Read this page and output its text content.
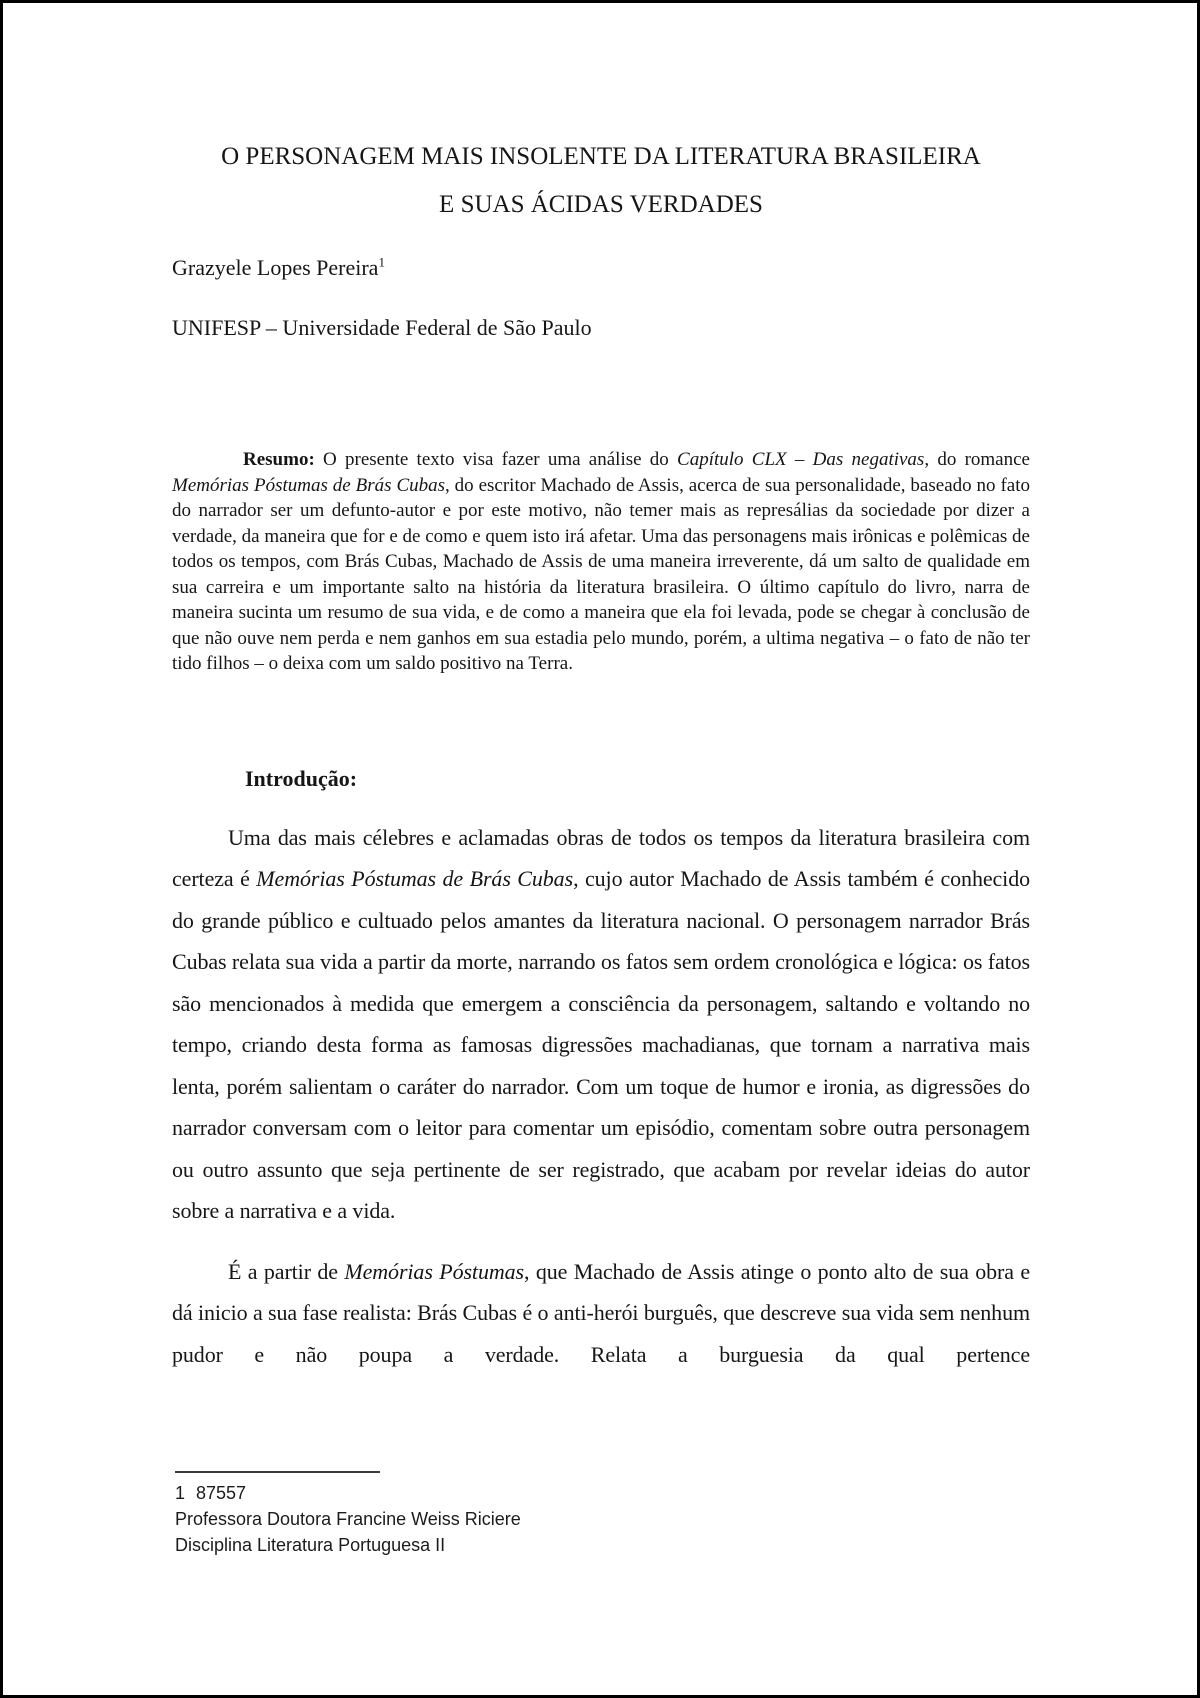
O PERSONAGEM MAIS INSOLENTE DA LITERATURA BRASILEIRA
E SUAS ÁCIDAS VERDADES
Grazyele Lopes Pereira$^1$
UNIFESP – Universidade Federal de São Paulo

Resumo: O presente texto visa fazer uma análise do Capítulo CLX – Das negativas, do romance Memórias Póstumas de Brás Cubas, do escritor Machado de Assis, acerca de sua personalidade, baseado no fato do narrador ser um defunto-autor e por este motivo, não temer mais as represálias da sociedade por dizer a verdade, da maneira que for e de como e quem isto irá afetar. Uma das personagens mais irônicas e polêmicas de todos os tempos, com Brás Cubas, Machado de Assis de uma maneira irreverente, dá um salto de qualidade em sua carreira e um importante salto na história da literatura brasileira. O último capítulo do livro, narra de maneira sucinta um resumo de sua vida, e de como a maneira que ela foi levada, pode se chegar à conclusão de que não ouve nem perda e nem ganhos em sua estadia pelo mundo, porém, a ultima negativa – o fato de não ter tido filhos – o deixa com um saldo positivo na Terra.

Introdução:

Uma das mais célebres e aclamadas obras de todos os tempos da literatura brasileira com certeza é Memórias Póstumas de Brás Cubas, cujo autor Machado de Assis também é conhecido do grande público e cultuado pelos amantes da literatura nacional. O personagem narrador Brás Cubas relata sua vida a partir da morte, narrando os fatos sem ordem cronológica e lógica: os fatos são mencionados à medida que emergem a consciência da personagem, saltando e voltando no tempo, criando desta forma as famosas digressões machadianas, que tornam a narrativa mais lenta, porém salientam o caráter do narrador. Com um toque de humor e ironia, as digressões do narrador conversam com o leitor para comentar um episódio, comentam sobre outra personagem ou outro assunto que seja pertinente de ser registrado, que acabam por revelar ideias do autor sobre a narrativa e a vida.

É a partir de Memórias Póstumas, que Machado de Assis atinge o ponto alto de sua obra e dá inicio a sua fase realista: Brás Cubas é o anti-herói burguês, que descreve sua vida sem nenhum pudor e não poupa a verdade. Relata a burguesia da qual pertence

1 87557
Professora Doutora Francine Weiss Riciere
Disciplina Literatura Portuguesa II
